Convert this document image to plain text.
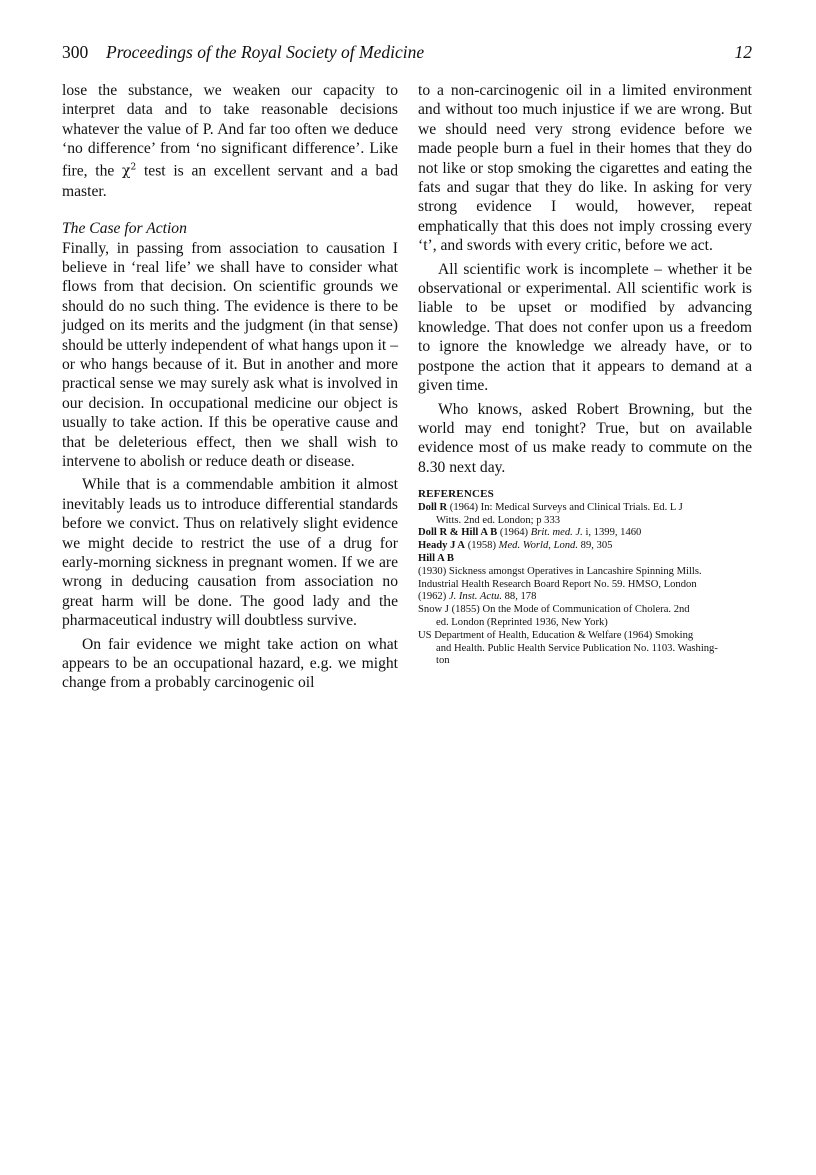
300 Proceedings of the Royal Society of Medicine	12

lose the substance, we weaken our capacity to interpret data and to take reasonable decisions whatever the value of P. And far too often we deduce ‘no difference’ from ‘no significant difference’. Like fire, the $\chi^2$ test is an excellent servant and a bad master.

The Case for Action

Finally, in passing from association to causation I believe in ‘real life’ we shall have to consider what flows from that decision. On scientific grounds we should do no such thing. The evidence is there to be judged on its merits and the judgment (in that sense) should be utterly independent of what hangs upon it – or who hangs because of it. But in another and more practical sense we may surely ask what is involved in our decision. In occupational medicine our object is usually to take action. If this be operative cause and that be deleterious effect, then we shall wish to intervene to abolish or reduce death or disease.

While that is a commendable ambition it almost inevitably leads us to introduce differential standards before we convict. Thus on relatively slight evidence we might decide to restrict the use of a drug for early-morning sickness in pregnant women. If we are wrong in deducing causation from association no great harm will be done. The good lady and the pharmaceutical industry will doubtless survive.

On fair evidence we might take action on what appears to be an occupational hazard, e.g. we might change from a probably carcinogenic oil

to a non-carcinogenic oil in a limited environment and without too much injustice if we are wrong. But we should need very strong evidence before we made people burn a fuel in their homes that they do not like or stop smoking the cigarettes and eating the fats and sugar that they do like. In asking for very strong evidence I would, however, repeat emphatically that this does not imply crossing every ‘t’, and swords with every critic, before we act.

All scientific work is incomplete – whether it be observational or experimental. All scientific work is liable to be upset or modified by advancing knowledge. That does not confer upon us a freedom to ignore the knowledge we already have, or to postpone the action that it appears to demand at a given time.

Who knows, asked Robert Browning, but the world may end tonight? True, but on available evidence most of us make ready to commute on the 8.30 next day.

REFERENCES
Doll R (1964) In: Medical Surveys and Clinical Trials. Ed. L J
Witts. 2nd ed. London; p 333
Doll R & Hill A B (1964) Brit. med. J. i, 1399, 1460
Heady J A (1958) Med. World, Lond. 89, 305
Hill A B
(1930) Sickness amongst Operatives in Lancashire Spinning Mills.
Industrial Health Research Board Report No. 59. HMSO, London
(1962) J. Inst. Actu. 88, 178
Snow J (1855) On the Mode of Communication of Cholera. 2nd
ed. London (Reprinted 1936, New York)
US Department of Health, Education & Welfare (1964) Smoking
and Health. Public Health Service Publication No. 1103. Washing-
ton
